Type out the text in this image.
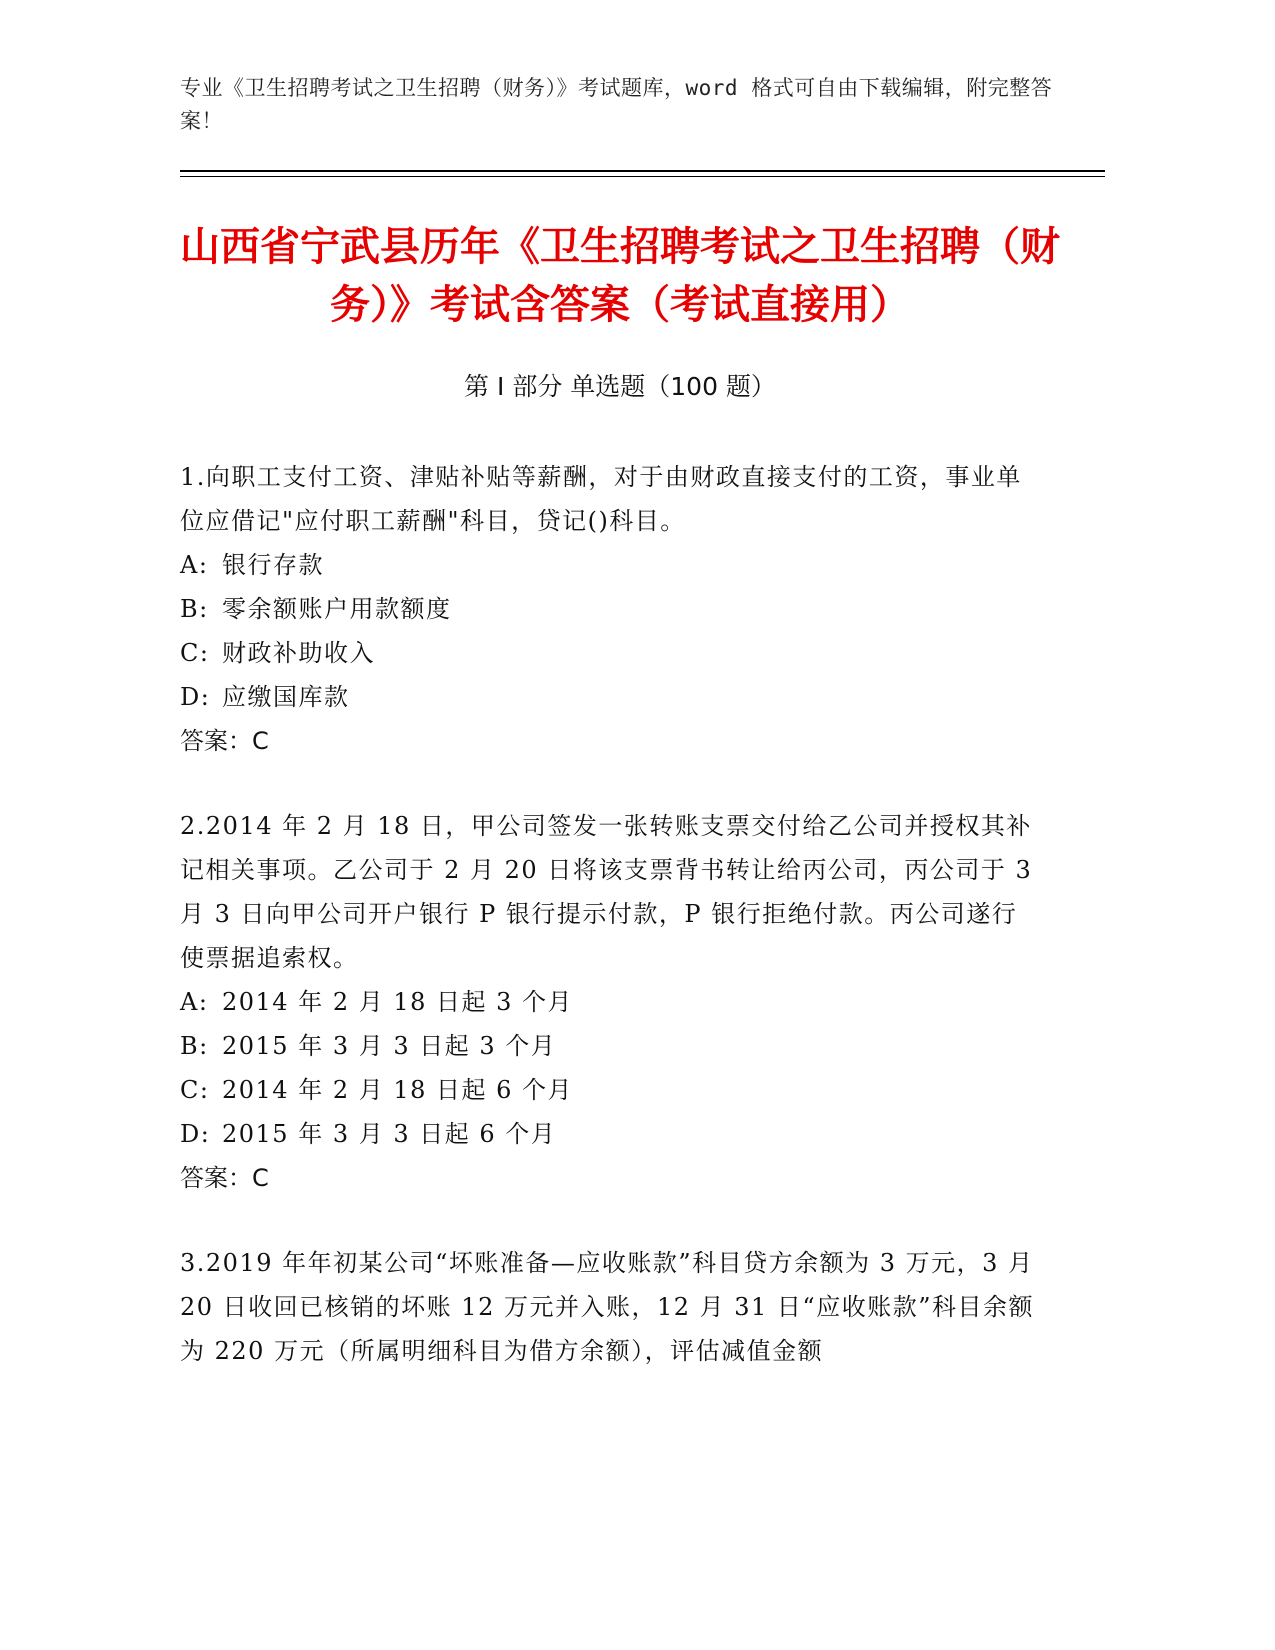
专业《卫生招聘考试之卫生招聘（财务）》考试题库，word 格式可自由下载编辑，附完整答案！
山西省宁武县历年《卫生招聘考试之卫生招聘（财务）》考试含答案（考试直接用）
第 I 部分 单选题（100 题）

1.向职工支付工资、津贴补贴等薪酬，对于由财政直接支付的工资，事业单位应借记"应付职工薪酬"科目，贷记()科目。

A: 银行存款

B: 零余额账户用款额度

C: 财政补助收入

D: 应缴国库款

答案：C

2.2014 年 2 月 18 日，甲公司签发一张转账支票交付给乙公司并授权其补记相关事项。乙公司于 2 月 20 日将该支票背书转让给丙公司，丙公司于 3 月 3 日向甲公司开户银行 P 银行提示付款，P 银行拒绝付款。丙公司遂行使票据追索权。

A: 2014 年 2 月 18 日起 3 个月

B: 2015 年 3 月 3 日起 3 个月

C: 2014 年 2 月 18 日起 6 个月

D: 2015 年 3 月 3 日起 6 个月

答案：C

3.2019 年年初某公司“坏账准备—应收账款”科目贷方余额为 3 万元，3 月 20 日收回已核销的坏账 12 万元并入账，12 月 31 日“应收账款”科目余额为 220 万元（所属明细科目为借方余额），评估减值金额
